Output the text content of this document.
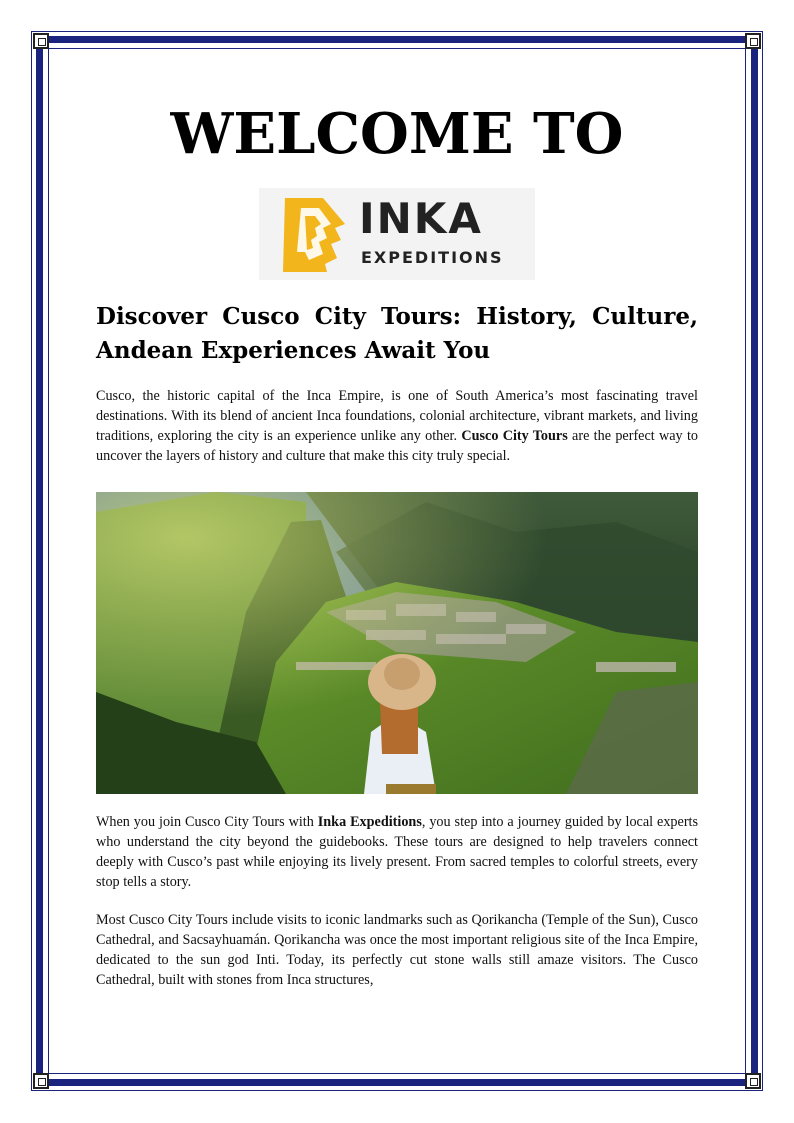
WELCOME TO
INKA
EXPEDITIONS
Discover Cusco City Tours: History, Culture, Andean Experiences Await You

Cusco, the historic capital of the Inca Empire, is one of South America’s most fascinating travel destinations. With its blend of ancient Inca foundations, colonial architecture, vibrant markets, and living traditions, exploring the city is an experience unlike any other. Cusco City Tours are the perfect way to uncover the layers of history and culture that make this city truly special.

When you join Cusco City Tours with Inka Expeditions, you step into a journey guided by local experts who understand the city beyond the guidebooks. These tours are designed to help travelers connect deeply with Cusco’s past while enjoying its lively present. From sacred temples to colorful streets, every stop tells a story.

Most Cusco City Tours include visits to iconic landmarks such as Qorikancha (Temple of the Sun), Cusco Cathedral, and Sacsayhuamán. Qorikancha was once the most important religious site of the Inca Empire, dedicated to the sun god Inti. Today, its perfectly cut stone walls still amaze visitors. The Cusco Cathedral, built with stones from Inca structures,
